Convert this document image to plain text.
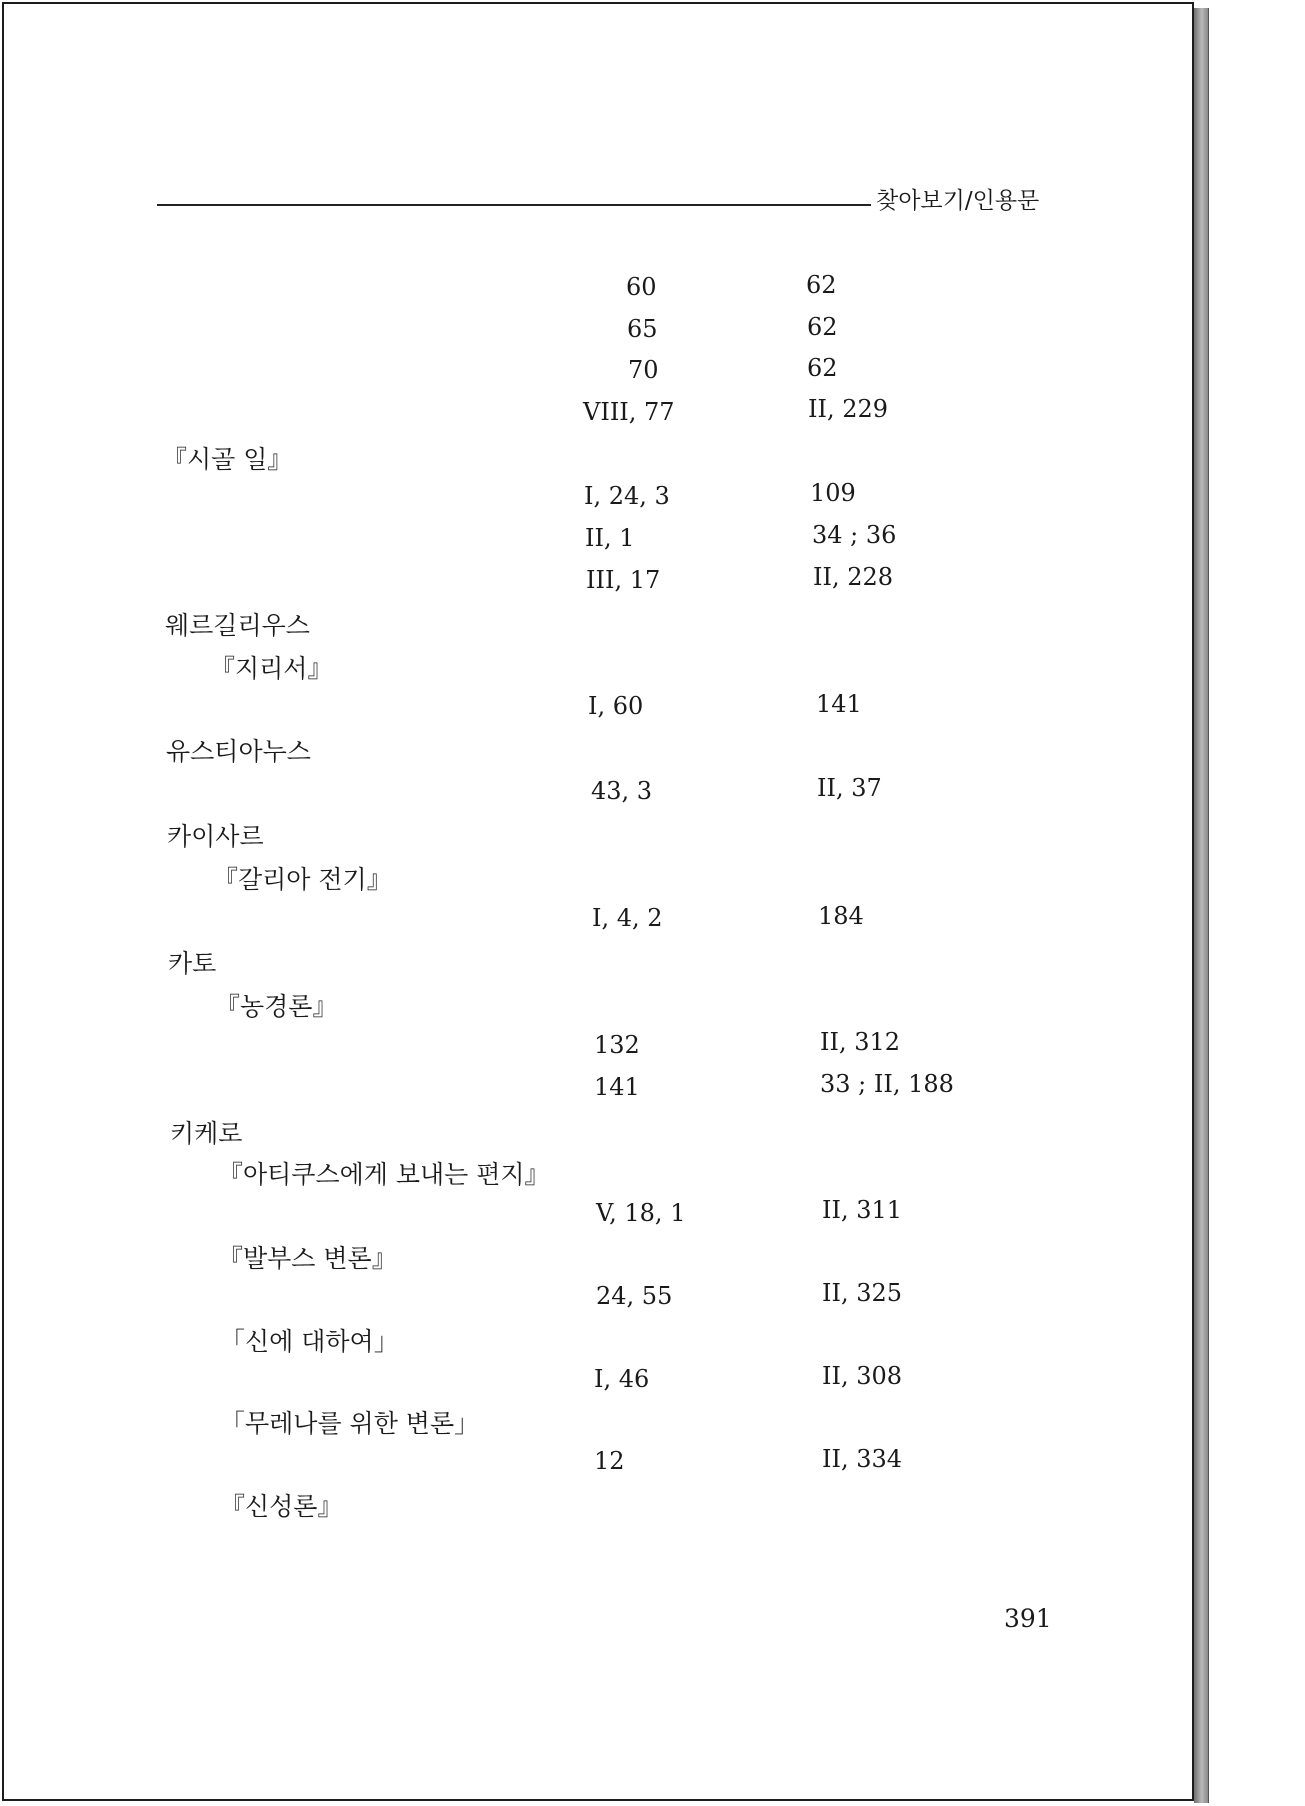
찾아보기/인용문
60	62
65	62
70	62
VIII, 77	II, 229
『시골 일』
I, 24, 3	109
II, 1	34 ; 36
III, 17	II, 228
웨르길리우스
『지리서』
I, 60	141
유스티아누스
43, 3	II, 37
카이사르
『갈리아 전기』
I, 4, 2	184
카토
『농경론』
132	II, 312
141	33 ; II, 188
키케로
『아티쿠스에게 보내는 편지』
V, 18, 1	II, 311
『발부스 변론』
24, 55	II, 325
「신에 대하여」
I, 46	II, 308
「무레나를 위한 변론」
12	II, 334
『신성론』
391
